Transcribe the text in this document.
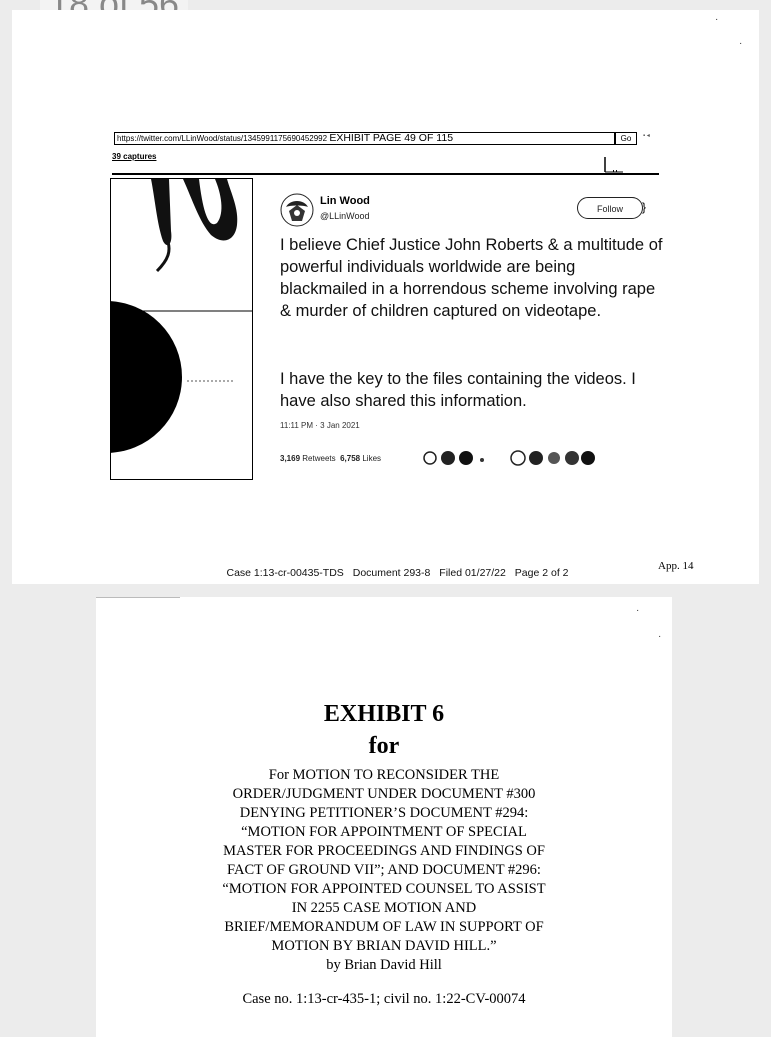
·
·
https://twitter.com/LLinWood/status/1345991175690452992 EXHIBIT PAGE 49 OF 115	Go	▪ ◂
39 captures
Lin Wood
@LLinWood
Follow	}

I believe Chief Justice John Roberts & a multitude of powerful individuals worldwide are being blackmailed in a horrendous scheme involving rape & murder of children captured on videotape.

I have the key to the files containing the videos. I have also shared this information.

11:11 PM · 3 Jan 2021
3,169 Retweets 6,758 Likes
App. 14
Case 1:13-cr-00435-TDS Document 293-8 Filed 01/27/22 Page 2 of 2
·
·
EXHIBIT 6
for
For MOTION TO RECONSIDER THE
ORDER/JUDGMENT UNDER DOCUMENT #300
DENYING PETITIONER’S DOCUMENT #294:
“MOTION FOR APPOINTMENT OF SPECIAL
MASTER FOR PROCEEDINGS AND FINDINGS OF
FACT OF GROUND VII”; AND DOCUMENT #296:
“MOTION FOR APPOINTED COUNSEL TO ASSIST
IN 2255 CASE MOTION AND
BRIEF/MEMORANDUM OF LAW IN SUPPORT OF
MOTION BY BRIAN DAVID HILL.”
by Brian David Hill
Case no. 1:13-cr-435-1; civil no. 1:22-CV-00074
